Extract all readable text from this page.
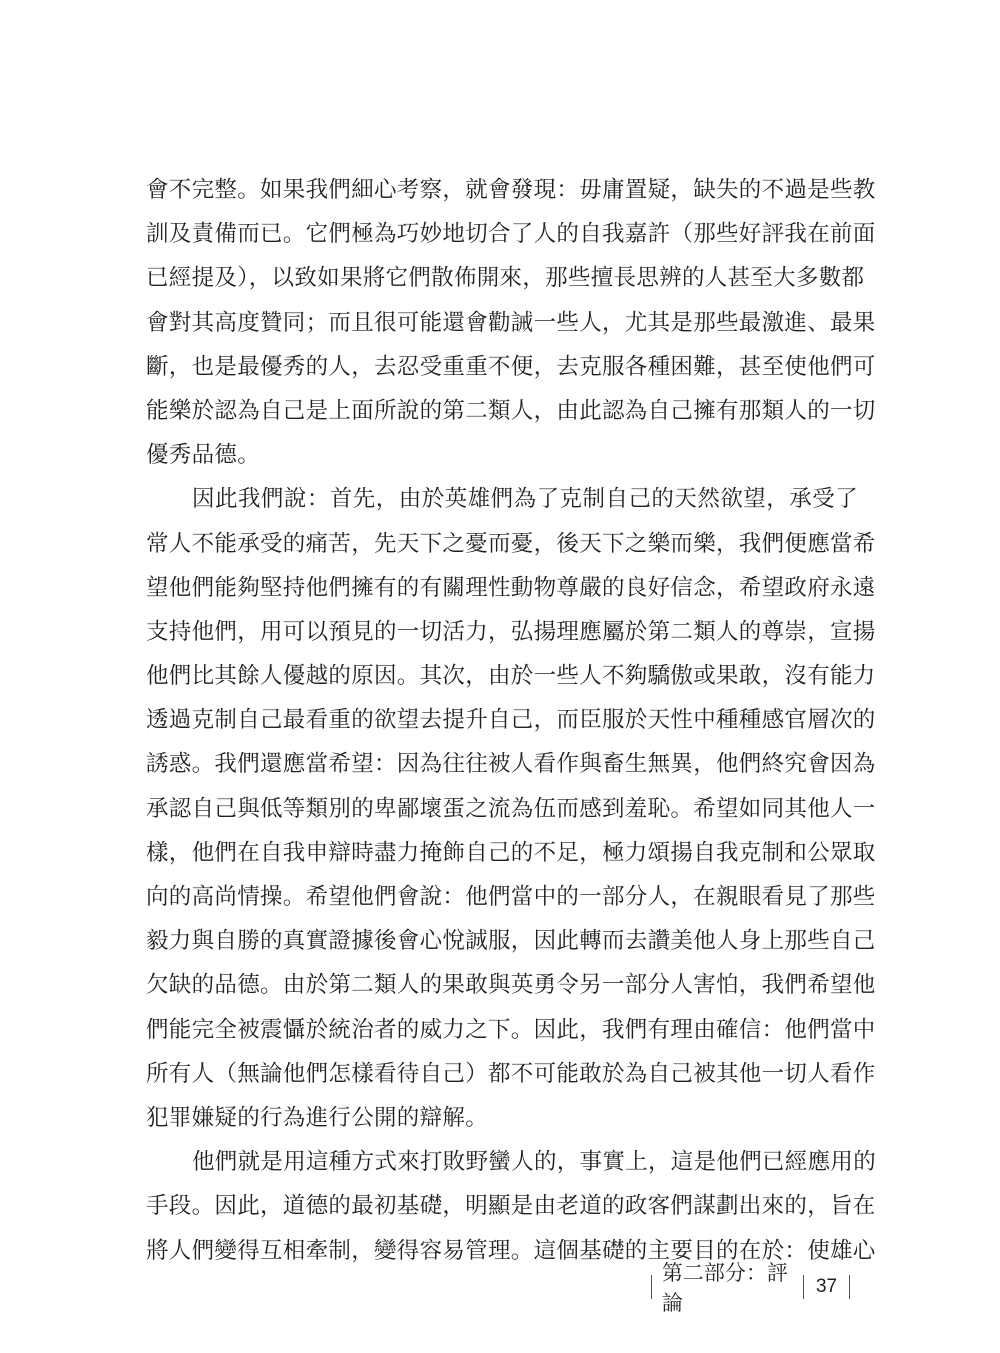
會不完整。如果我們細心考察，就會發現：毋庸置疑，缺失的不過是些教
訓及責備而已。它們極為巧妙地切合了人的自我嘉許（那些好評我在前面
已經提及），以致如果將它們散佈開來，那些擅長思辨的人甚至大多數都
會對其高度贊同；而且很可能還會勸誡一些人，尤其是那些最激進、最果
斷，也是最優秀的人，去忍受重重不便，去克服各種困難，甚至使他們可
能樂於認為自己是上面所說的第二類人，由此認為自己擁有那類人的一切
優秀品德。
因此我們說：首先，由於英雄們為了克制自己的天然欲望，承受了
常人不能承受的痛苦，先天下之憂而憂，後天下之樂而樂，我們便應當希
望他們能夠堅持他們擁有的有關理性動物尊嚴的良好信念，希望政府永遠
支持他們，用可以預見的一切活力，弘揚理應屬於第二類人的尊崇，宣揚
他們比其餘人優越的原因。其次，由於一些人不夠驕傲或果敢，沒有能力
透過克制自己最看重的欲望去提升自己，而臣服於天性中種種感官層次的
誘惑。我們還應當希望：因為往往被人看作與畜生無異，他們終究會因為
承認自己與低等類別的卑鄙壞蛋之流為伍而感到羞恥。希望如同其他人一
樣，他們在自我申辯時盡力掩飾自己的不足，極力頌揚自我克制和公眾取
向的高尚情操。希望他們會說：他們當中的一部分人，在親眼看見了那些
毅力與自勝的真實證據後會心悅誠服，因此轉而去讚美他人身上那些自己
欠缺的品德。由於第二類人的果敢與英勇令另一部分人害怕，我們希望他
們能完全被震懾於統治者的威力之下。因此，我們有理由確信：他們當中
所有人（無論他們怎樣看待自己）都不可能敢於為自己被其他一切人看作
犯罪嫌疑的行為進行公開的辯解。
他們就是用這種方式來打敗野蠻人的，事實上，這是他們已經應用的
手段。因此，道德的最初基礎，明顯是由老道的政客們謀劃出來的，旨在
將人們變得互相牽制，變得容易管理。這個基礎的主要目的在於：使雄心
第二部分：評論
37
